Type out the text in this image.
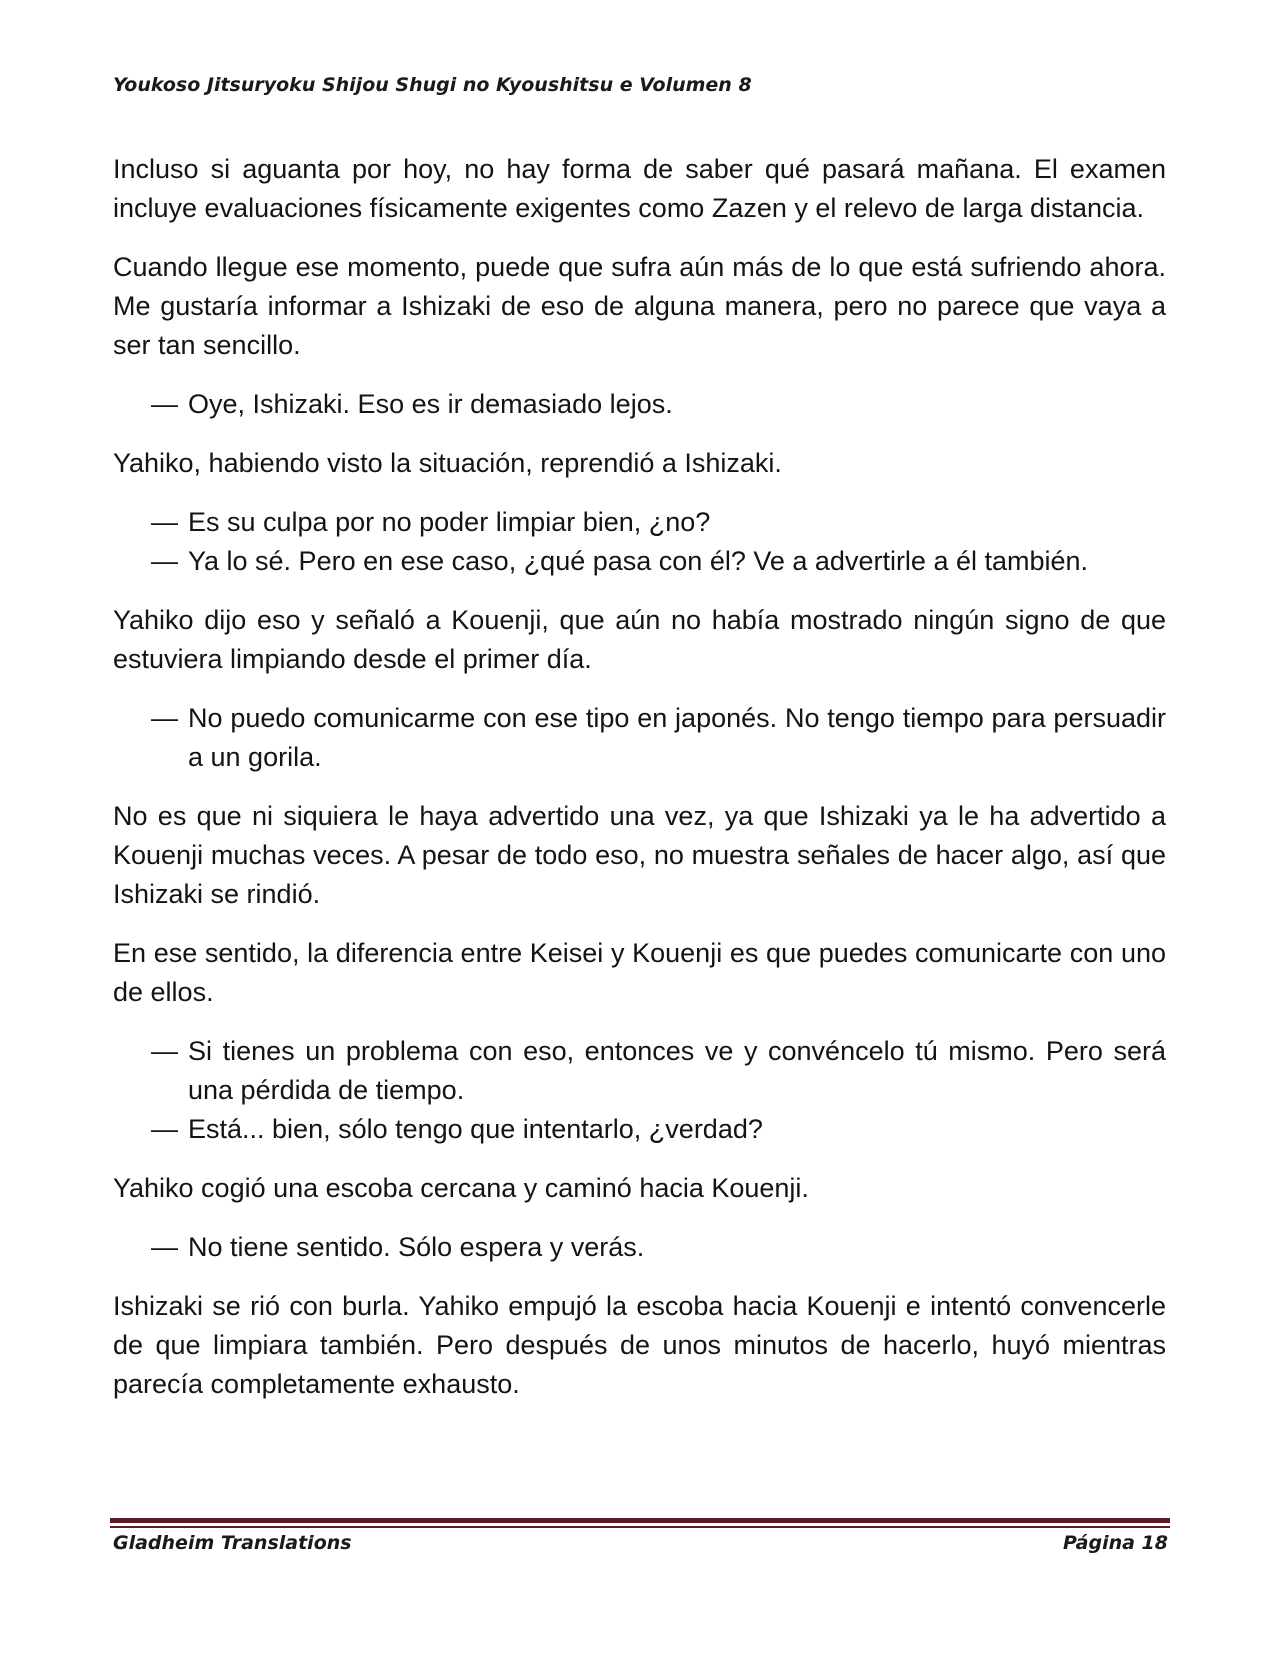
Youkoso Jitsuryoku Shijou Shugi no Kyoushitsu e Volumen 8

Incluso si aguanta por hoy, no hay forma de saber qué pasará mañana. El examen incluye evaluaciones físicamente exigentes como Zazen y el relevo de larga distancia.

Cuando llegue ese momento, puede que sufra aún más de lo que está sufriendo ahora. Me gustaría informar a Ishizaki de eso de alguna manera, pero no parece que vaya a ser tan sencillo.

— Oye, Ishizaki. Eso es ir demasiado lejos.

Yahiko, habiendo visto la situación, reprendió a Ishizaki.

— Es su culpa por no poder limpiar bien, ¿no?

— Ya lo sé. Pero en ese caso, ¿qué pasa con él? Ve a advertirle a él también.

Yahiko dijo eso y señaló a Kouenji, que aún no había mostrado ningún signo de que estuviera limpiando desde el primer día.

— No puedo comunicarme con ese tipo en japonés. No tengo tiempo para persuadir a un gorila.

No es que ni siquiera le haya advertido una vez, ya que Ishizaki ya le ha advertido a Kouenji muchas veces. A pesar de todo eso, no muestra señales de hacer algo, así que Ishizaki se rindió.

En ese sentido, la diferencia entre Keisei y Kouenji es que puedes comunicarte con uno de ellos.

— Si tienes un problema con eso, entonces ve y convéncelo tú mismo. Pero será una pérdida de tiempo.

— Está... bien, sólo tengo que intentarlo, ¿verdad?

Yahiko cogió una escoba cercana y caminó hacia Kouenji.

— No tiene sentido. Sólo espera y verás.

Ishizaki se rió con burla. Yahiko empujó la escoba hacia Kouenji e intentó convencerle de que limpiara también. Pero después de unos minutos de hacerlo, huyó mientras parecía completamente exhausto.

Gladheim Translations	Página 18
